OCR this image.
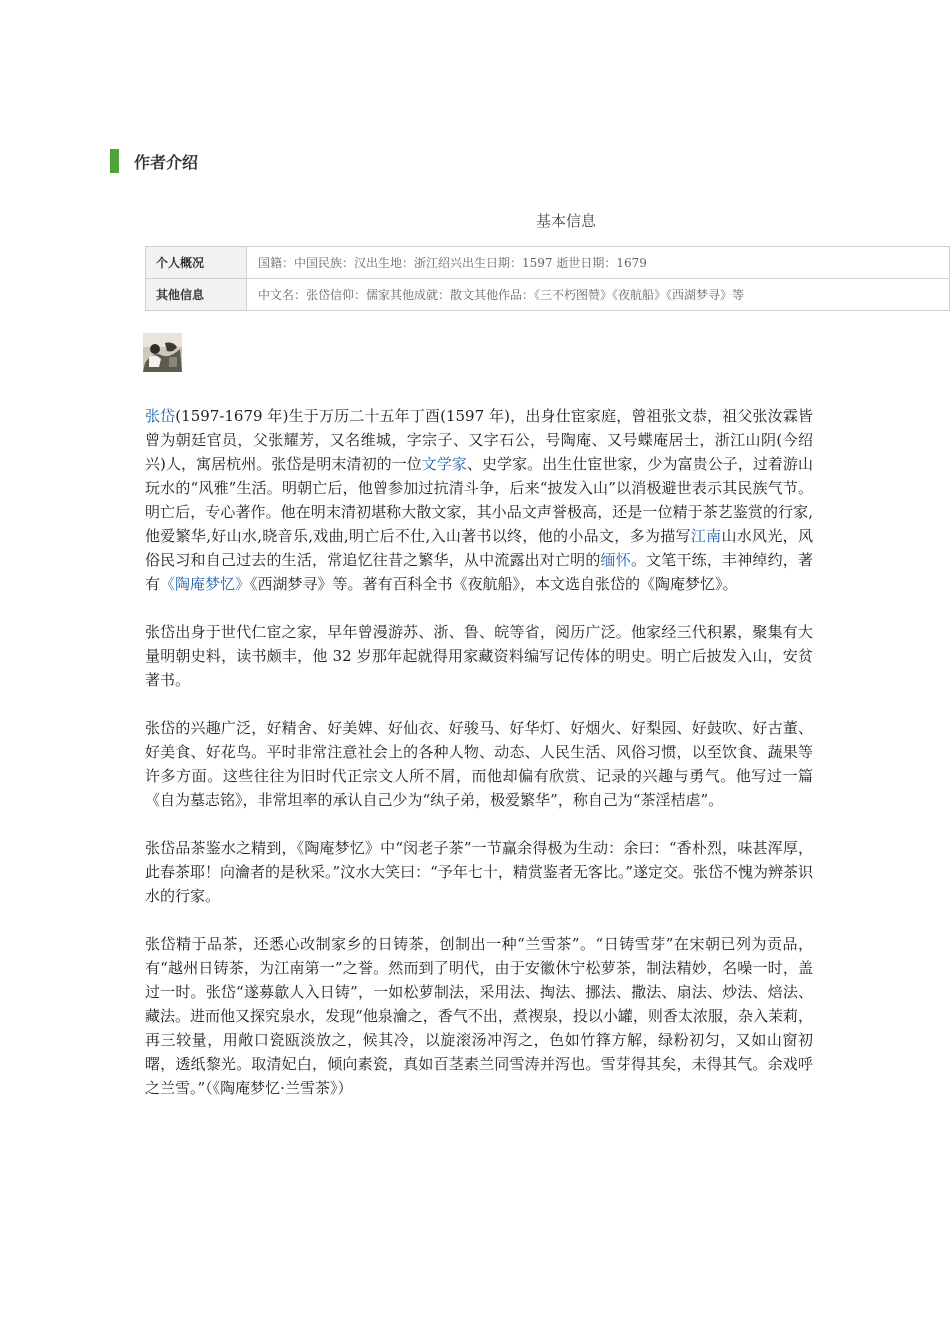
作者介绍
基本信息
个人概况	国籍：中国民族：汉出生地：浙江绍兴出生日期：1597 逝世日期：1679
其他信息	中文名：张岱信仰：儒家其他成就：散文其他作品：《三不朽图赞》《夜航船》《西湖梦寻》等

张岱(1597-1679 年)生于万历二十五年丁酉(1597 年)，出身仕宦家庭，曾祖张文恭，祖父张汝霖皆曾为朝廷官员，父张耀芳，又名维城，字宗子、又字石公，号陶庵、又号蝶庵居士，浙江山阴(今绍兴)人，寓居杭州。张岱是明末清初的一位文学家、史学家。出生仕宦世家，少为富贵公子，过着游山玩水的“风雅”生活。明朝亡后，他曾参加过抗清斗争，后来“披发入山”以消极避世表示其民族气节。明亡后，专心著作。他在明末清初堪称大散文家，其小品文声誉极高，还是一位精于茶艺鉴赏的行家,他爱繁华,好山水,晓音乐,戏曲,明亡后不仕,入山著书以终，他的小品文，多为描写江南山水风光，风俗民习和自己过去的生活，常追忆往昔之繁华，从中流露出对亡明的缅怀。文笔干练，丰神绰约，著有《陶庵梦忆》《西湖梦寻》等。著有百科全书《夜航船》，本文选自张岱的《陶庵梦忆》。

张岱出身于世代仁宦之家，早年曾漫游苏、浙、鲁、皖等省，阅历广泛。他家经三代积累，聚集有大量明朝史料，读书颇丰，他 32 岁那年起就得用家藏资料编写记传体的明史。明亡后披发入山，安贫著书。

张岱的兴趣广泛，好精舍、好美婢、好仙衣、好骏马、好华灯、好烟火、好梨园、好鼓吹、好古董、好美食、好花鸟。平时非常注意社会上的各种人物、动态、人民生活、风俗习惯，以至饮食、蔬果等许多方面。这些往往为旧时代正宗文人所不屑，而他却偏有欣赏、记录的兴趣与勇气。他写过一篇《自为墓志铭》，非常坦率的承认自己少为“纨子弟，极爱繁华”，称自己为“茶淫桔虐”。

张岱品茶鉴水之精到，《陶庵梦忆》中“闵老子茶”一节赢余得极为生动：余曰：“香朴烈，味甚浑厚，此春茶耶！向瀹者的是秋采。”汶水大笑曰：“予年七十，精赏鉴者无客比。”遂定交。张岱不愧为辨茶识水的行家。

张岱精于品茶，还悉心改制家乡的日铸茶，创制出一种“兰雪茶”。“日铸雪芽”在宋朝已列为贡品，有“越州日铸茶，为江南第一”之誉。然而到了明代，由于安徽休宁松萝茶，制法精妙，名噪一时，盖过一时。张岱“遂募歙人入日铸”，一如松萝制法，采用法、掏法、挪法、撒法、扇法、炒法、焙法、藏法。进而他又探究泉水，发现“他泉瀹之，香气不出，煮禊泉，投以小罐，则香太浓服，杂入茉莉，再三较量，用敞口瓷瓯淡放之，候其冷，以旋滚汤冲泻之，色如竹箨方解，绿粉初匀，又如山窗初曙，透纸黎光。取清妃白，倾向素瓷，真如百茎素兰同雪涛并泻也。雪芽得其矣，未得其气。余戏呼之兰雪。”（《陶庵梦忆·兰雪茶》）
